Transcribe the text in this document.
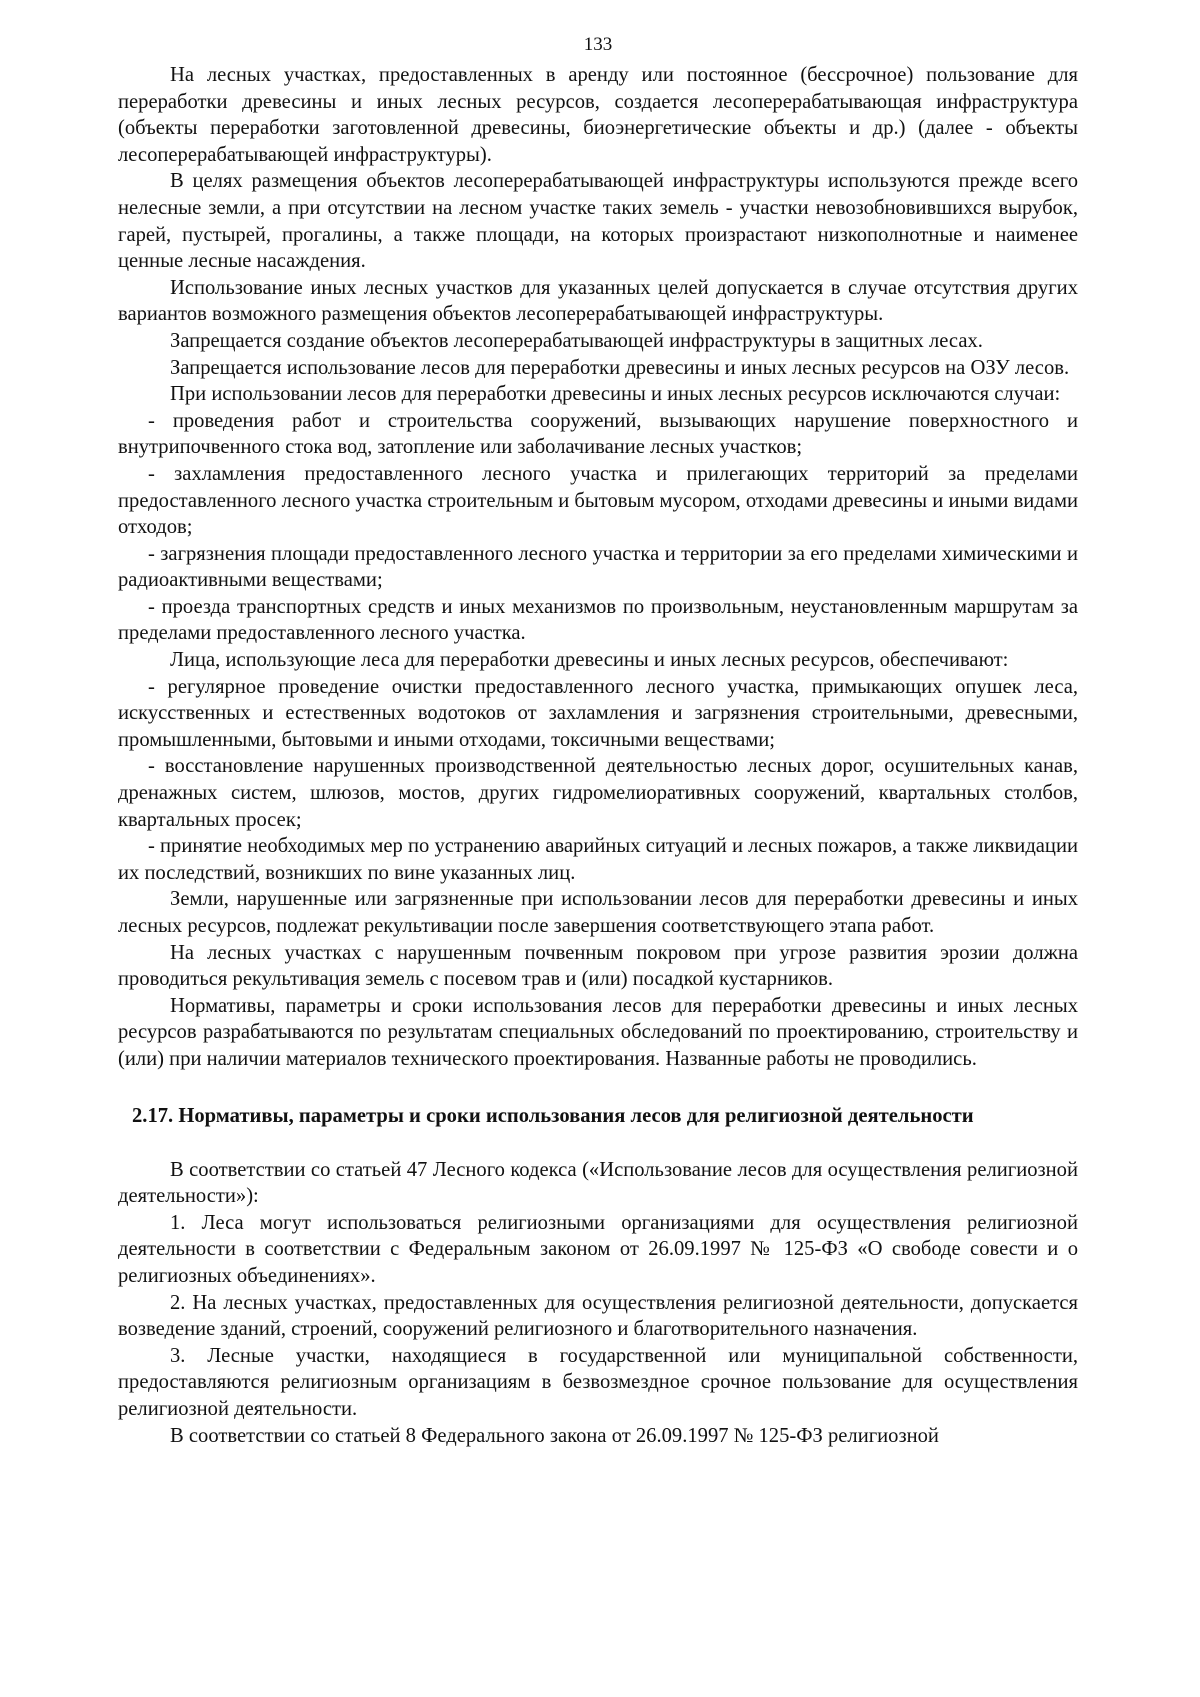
133

На лесных участках, предоставленных в аренду или постоянное (бессрочное) пользование для переработки древесины и иных лесных ресурсов, создается лесоперерабатывающая инфраструктура (объекты переработки заготовленной древесины, биоэнергетические объекты и др.) (далее - объекты лесоперерабатывающей инфраструктуры).

В целях размещения объектов лесоперерабатывающей инфраструктуры используются прежде всего нелесные земли, а при отсутствии на лесном участке таких земель - участки невозобновившихся вырубок, гарей, пустырей, прогалины, а также площади, на которых произрастают низкополнотные и наименее ценные лесные насаждения.

Использование иных лесных участков для указанных целей допускается в случае отсутствия других вариантов возможного размещения объектов лесоперерабатывающей инфраструктуры.

Запрещается создание объектов лесоперерабатывающей инфраструктуры в защитных лесах.

Запрещается использование лесов для переработки древесины и иных лесных ресурсов на ОЗУ лесов.

При использовании лесов для переработки древесины и иных лесных ресурсов исключаются случаи:

- проведения работ и строительства сооружений, вызывающих нарушение поверхностного и внутрипочвенного стока вод, затопление или заболачивание лесных участков;

- захламления предоставленного лесного участка и прилегающих территорий за пределами предоставленного лесного участка строительным и бытовым мусором, отходами древесины и иными видами отходов;

- загрязнения площади предоставленного лесного участка и территории за его пределами химическими и радиоактивными веществами;

- проезда транспортных средств и иных механизмов по произвольным, неустановленным маршрутам за пределами предоставленного лесного участка.

Лица, использующие леса для переработки древесины и иных лесных ресурсов, обеспечивают:

- регулярное проведение очистки предоставленного лесного участка, примыкающих опушек леса, искусственных и естественных водотоков от захламления и загрязнения строительными, древесными, промышленными, бытовыми и иными отходами, токсичными веществами;

- восстановление нарушенных производственной деятельностью лесных дорог, осушительных канав, дренажных систем, шлюзов, мостов, других гидромелиоративных сооружений, квартальных столбов, квартальных просек;

- принятие необходимых мер по устранению аварийных ситуаций и лесных пожаров, а также ликвидации их последствий, возникших по вине указанных лиц.

Земли, нарушенные или загрязненные при использовании лесов для переработки древесины и иных лесных ресурсов, подлежат рекультивации после завершения соответствующего этапа работ.

На лесных участках с нарушенным почвенным покровом при угрозе развития эрозии должна проводиться рекультивация земель с посевом трав и (или) посадкой кустарников.

Нормативы, параметры и сроки использования лесов для переработки древесины и иных лесных ресурсов разрабатываются по результатам специальных обследований по проектированию, строительству и (или) при наличии материалов технического проектирования. Названные работы не проводились.

2.17. Нормативы, параметры и сроки использования лесов для религиозной деятельности

В соответствии со статьей 47 Лесного кодекса («Использование лесов для осуществления религиозной деятельности»):

1. Леса могут использоваться религиозными организациями для осуществления религиозной деятельности в соответствии с Федеральным законом от 26.09.1997 № 125-ФЗ «О свободе совести и о религиозных объединениях».

2. На лесных участках, предоставленных для осуществления религиозной деятельности, допускается возведение зданий, строений, сооружений религиозного и благотворительного назначения.

3. Лесные участки, находящиеся в государственной или муниципальной собственности, предоставляются религиозным организациям в безвозмездное срочное пользование для осуществления религиозной деятельности.

В соответствии со статьей 8 Федерального закона от 26.09.1997 № 125-ФЗ религиозной
